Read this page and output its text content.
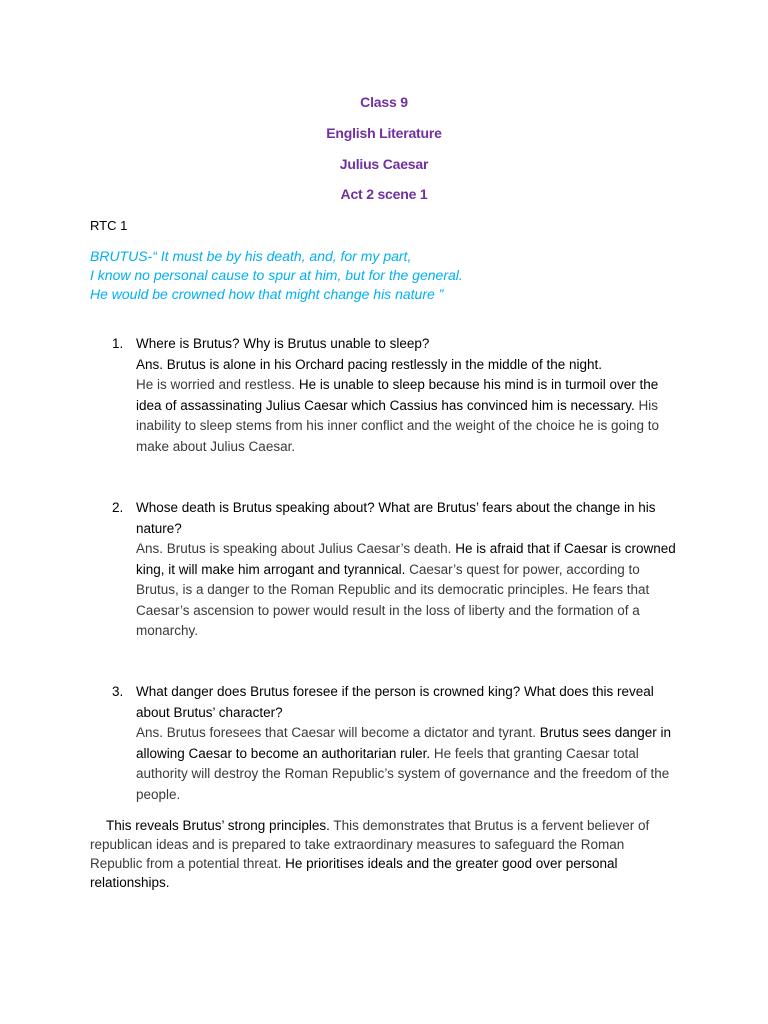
Class 9
English Literature
Julius Caesar
Act 2 scene 1
RTC 1
BRUTUS-“ It must be by his death, and, for my part,
I know no personal cause to spur at him, but for the general.
He would be crowned how that might change his nature ”
1. Where is Brutus? Why is Brutus unable to sleep?
Ans. Brutus is alone in his Orchard pacing restlessly in the middle of the night.
He is worried and restless. He is unable to sleep because his mind is in turmoil over the idea of assassinating Julius Caesar which Cassius has convinced him is necessary. His inability to sleep stems from his inner conflict and the weight of the choice he is going to make about Julius Caesar.
2. Whose death is Brutus speaking about? What are Brutus’ fears about the change in his nature?
Ans. Brutus is speaking about Julius Caesar’s death. He is afraid that if Caesar is crowned king, it will make him arrogant and tyrannical. Caesar’s quest for power, according to Brutus, is a danger to the Roman Republic and its democratic principles. He fears that Caesar’s ascension to power would result in the loss of liberty and the formation of a monarchy.
3. What danger does Brutus foresee if the person is crowned king? What does this reveal about Brutus’ character?
Ans. Brutus foresees that Caesar will become a dictator and tyrant. Brutus sees danger in allowing Caesar to become an authoritarian ruler. He feels that granting Caesar total authority will destroy the Roman Republic’s system of governance and the freedom of the people.
This reveals Brutus’ strong principles. This demonstrates that Brutus is a fervent believer of republican ideas and is prepared to take extraordinary measures to safeguard the Roman Republic from a potential threat. He prioritises ideals and the greater good over personal relationships.
